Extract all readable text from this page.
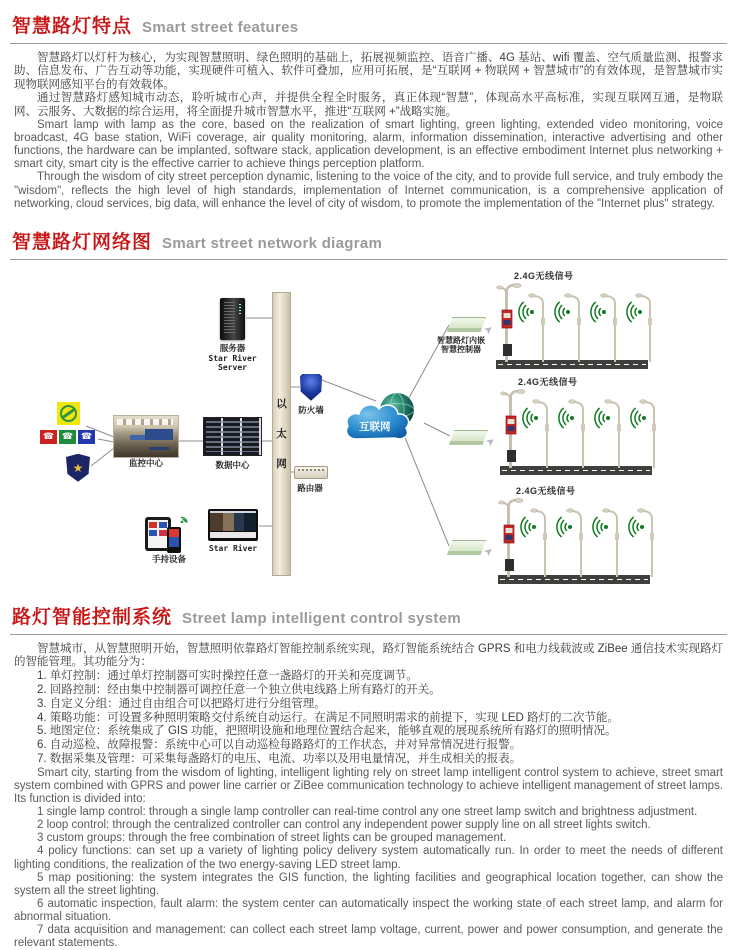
智慧路灯特点 Smart street features

智慧路灯以灯杆为核心，为实现智慧照明、绿色照明的基础上，拓展视频监控、语音广播、4G 基站、wifi 覆盖、空气质量监测、报警求助、信息发布、广告互动等功能，实现硬件可植入、软件可叠加，应用可拓展，是“互联网 + 物联网 + 智慧城市”的有效体现，是智慧城市实现物联网感知平台的有效载体。

通过智慧路灯感知城市动态，聆听城市心声，并提供全程全时服务，真正体现“智慧”，体现高水平高标准，实现互联网互通，是物联网、云服务、大数据的综合运用，将全面提升城市智慧水平，推进“互联网 +”战略实施。

Smart lamp with lamp as the core, based on the realization of smart lighting, green lighting, extended video monitoring, voice broadcast, 4G base station, WiFi coverage, air quality monitoring, alarm, information dissemination, interactive advertising and other functions, the hardware can be implanted, software stack, application development, is an effective embodiment Internet plus networking + smart city, smart city is the effective carrier to achieve things perception platform.

Through the wisdom of city street perception dynamic, listening to the voice of the city, and to provide full service, and truly embody the "wisdom", reflects the high level of high standards, implementation of Internet communication, is a comprehensive application of networking, cloud services, big data, will enhance the level of city of wisdom, to promote the implementation of the "Internet plus" strategy.

智慧路灯网络图 Smart street network diagram
☎
☎
☎
★
监控中心	数据中心
服务器
Star River
Server
以
太
网
防火墙
路由器
Star River
手持设备
互联网
➤
➤
➤
智慧路灯内嵌
智慧控制器
2.4G无线信号
2.4G无线信号
2.4G无线信号
路灯智能控制系统 Street lamp intelligent control system

智慧城市，从智慧照明开始，智慧照明依靠路灯智能控制系统实现，路灯智能系统结合 GPRS 和电力线载波或 ZiBee 通信技术实现路灯的智能管理。其功能分为：

1. 单灯控制：通过单灯控制器可实时操控任意一盏路灯的开关和亮度调节。

2. 回路控制：经由集中控制器可调控任意一个独立供电线路上所有路灯的开关。

3. 自定义分组：通过自由组合可以把路灯进行分组管理。

4. 策略功能：可设置多种照明策略交付系统自动运行。在满足不同照明需求的前提下，实现 LED 路灯的二次节能。

5. 地图定位：系统集成了 GIS 功能，把照明设施和地理位置结合起来，能够直观的展现系统所有路灯的照明情况。

6. 自动巡检、故障报警：系统中心可以自动巡检每路路灯的工作状态，并对异常情况进行报警。

7. 数据采集及管理：可采集每盏路灯的电压、电流、功率以及用电量情况，并生成相关的报表。

Smart city, starting from the wisdom of lighting, intelligent lighting rely on street lamp intelligent control system to achieve, street smart system combined with GPRS and power line carrier or ZiBee communication technology to achieve intelligent management of street lamps. Its function is divided into:

1 single lamp control: through a single lamp controller can real-time control any one street lamp switch and brightness adjustment.

2 loop control: through the centralized controller can control any independent power supply line on all street lights switch.

3 custom groups: through the free combination of street lights can be grouped management.

4 policy functions: can set up a variety of lighting policy delivery system automatically run. In order to meet the needs of different lighting conditions, the realization of the two energy-saving LED street lamp.

5 map positioning: the system integrates the GIS function, the lighting facilities and geographical location together, can show the system all the street lighting.

6 automatic inspection, fault alarm: the system center can automatically inspect the working state of each street lamp, and alarm for abnormal situation.

7 data acquisition and management: can collect each street lamp voltage, current, power and power consumption, and generate the relevant statements.
